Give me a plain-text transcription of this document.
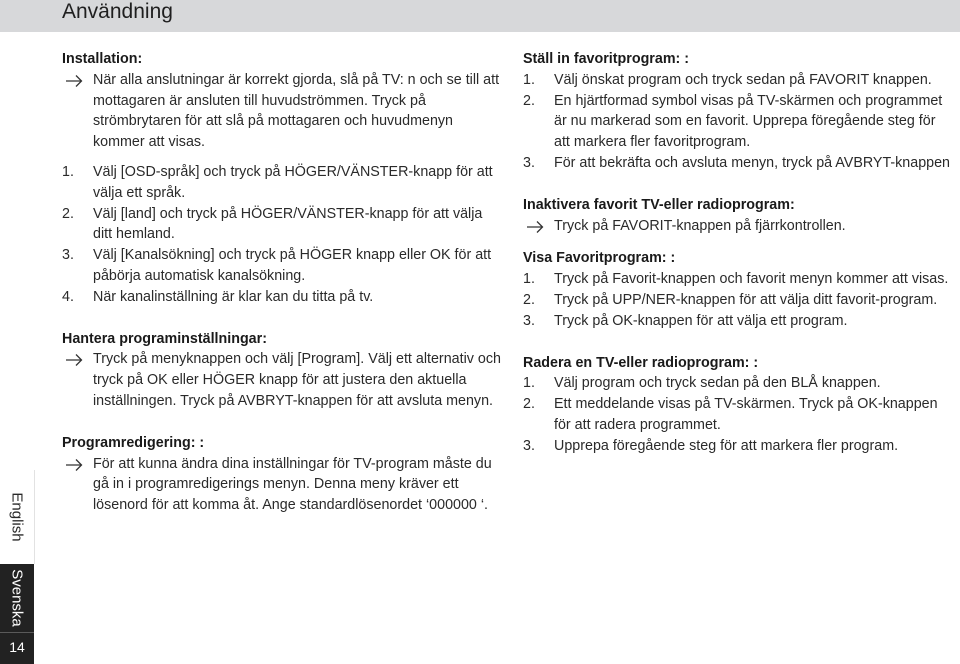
Användning
English
Svenska
14
Installation:
När alla anslutningar är korrekt gjorda, slå på TV: n och se till att mottagaren är ansluten till huvudströmmen. Tryck på strömbrytaren för att slå på mottagaren och huvudmenyn kommer att visas.
1. Välj [OSD-språk] och tryck på HÖGER/VÄNSTER-knapp för att välja ett språk.
2. Välj [land] och tryck på HÖGER/VÄNSTER-knapp för att välja ditt hemland.
3. Välj [Kanalsökning] och tryck på HÖGER knapp eller OK för att påbörja automatisk kanalsökning.
4. När kanalinställning är klar kan du titta på tv.
Hantera programinställningar:
Tryck på menyknappen och välj [Program]. Välj ett alternativ och tryck på OK eller HÖGER knapp för att justera den aktuella inställningen. Tryck på AVBRYT-knappen för att avsluta menyn.
Programredigering: :
För att kunna ändra dina inställningar för TV-program måste du gå in i programredigerings menyn. Denna meny kräver ett lösenord för att komma åt. Ange standardlösenordet ‘000000 ‘.
Ställ in favoritprogram: :
1. Välj önskat program och tryck sedan på FAVORIT knappen.
2. En hjärtformad symbol visas på TV-skärmen och programmet är nu markerad som en favorit. Upprepa föregående steg för att markera fler favoritprogram.
3. För att bekräfta och avsluta menyn, tryck på AVBRYT-knappen
Inaktivera favorit TV-eller radioprogram:
Tryck på FAVORIT-knappen på fjärrkontrollen.
Visa Favoritprogram: :
1. Tryck på Favorit-knappen och favorit menyn kommer att visas.
2. Tryck på UPP/NER-knappen för att välja ditt favorit-program.
3. Tryck på OK-knappen för att välja ett program.
Radera en TV-eller radioprogram: :
1. Välj program och tryck sedan på den BLÅ knappen.
2. Ett meddelande visas på TV-skärmen. Tryck på OK-knappen för att radera programmet.
3. Upprepa föregående steg för att markera fler program.
